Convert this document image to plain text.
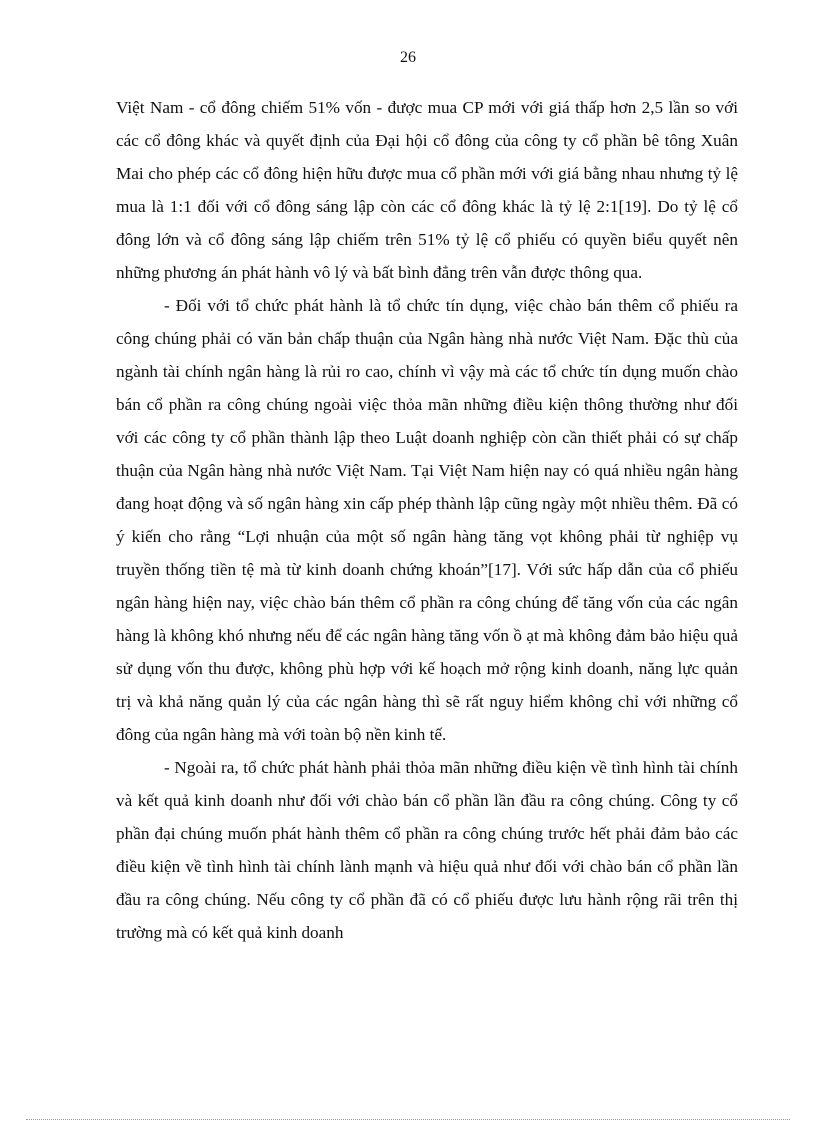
26

Việt Nam - cổ đông chiếm 51% vốn - được mua CP mới với giá thấp hơn 2,5 lần so với các cổ đông khác và quyết định của Đại hội cổ đông của công ty cổ phần bê tông Xuân Mai cho phép các cổ đông hiện hữu được mua cổ phần mới với giá bằng nhau nhưng tỷ lệ mua là 1:1 đối với cổ đông sáng lập còn các cổ đông khác là tỷ lệ 2:1[19]. Do tỷ lệ cổ đông lớn và cổ đông sáng lập chiếm trên 51% tỷ lệ cổ phiếu có quyền biểu quyết nên những phương án phát hành vô lý và bất bình đẳng trên vẫn được thông qua.

- Đối với tổ chức phát hành là tổ chức tín dụng, việc chào bán thêm cổ phiếu ra công chúng phải có văn bản chấp thuận của Ngân hàng nhà nước Việt Nam. Đặc thù của ngành tài chính ngân hàng là rủi ro cao, chính vì vậy mà các tổ chức tín dụng muốn chào bán cổ phần ra công chúng ngoài việc thỏa mãn những điều kiện thông thường như đối với các công ty cổ phần thành lập theo Luật doanh nghiệp còn cần thiết phải có sự chấp thuận của Ngân hàng nhà nước Việt Nam. Tại Việt Nam hiện nay có quá nhiều ngân hàng đang hoạt động và số ngân hàng xin cấp phép thành lập cũng ngày một nhiều thêm. Đã có ý kiến cho rằng “Lợi nhuận của một số ngân hàng tăng vọt không phải từ nghiệp vụ truyền thống tiền tệ mà từ kinh doanh chứng khoán”[17]. Với sức hấp dẫn của cổ phiếu ngân hàng hiện nay, việc chào bán thêm cổ phần ra công chúng để tăng vốn của các ngân hàng là không khó nhưng nếu để các ngân hàng tăng vốn ồ ạt mà không đảm bảo hiệu quả sử dụng vốn thu được, không phù hợp với kế hoạch mở rộng kinh doanh, năng lực quản trị và khả năng quản lý của các ngân hàng thì sẽ rất nguy hiểm không chỉ với những cổ đông của ngân hàng mà với toàn bộ nền kinh tế.

- Ngoài ra, tổ chức phát hành phải thỏa mãn những điều kiện về tình hình tài chính và kết quả kinh doanh như đối với chào bán cổ phần lần đầu ra công chúng. Công ty cổ phần đại chúng muốn phát hành thêm cổ phần ra công chúng trước hết phải đảm bảo các điều kiện về tình hình tài chính lành mạnh và hiệu quả như đối với chào bán cổ phần lần đầu ra công chúng. Nếu công ty cổ phần đã có cổ phiếu được lưu hành rộng rãi trên thị trường mà có kết quả kinh doanh
